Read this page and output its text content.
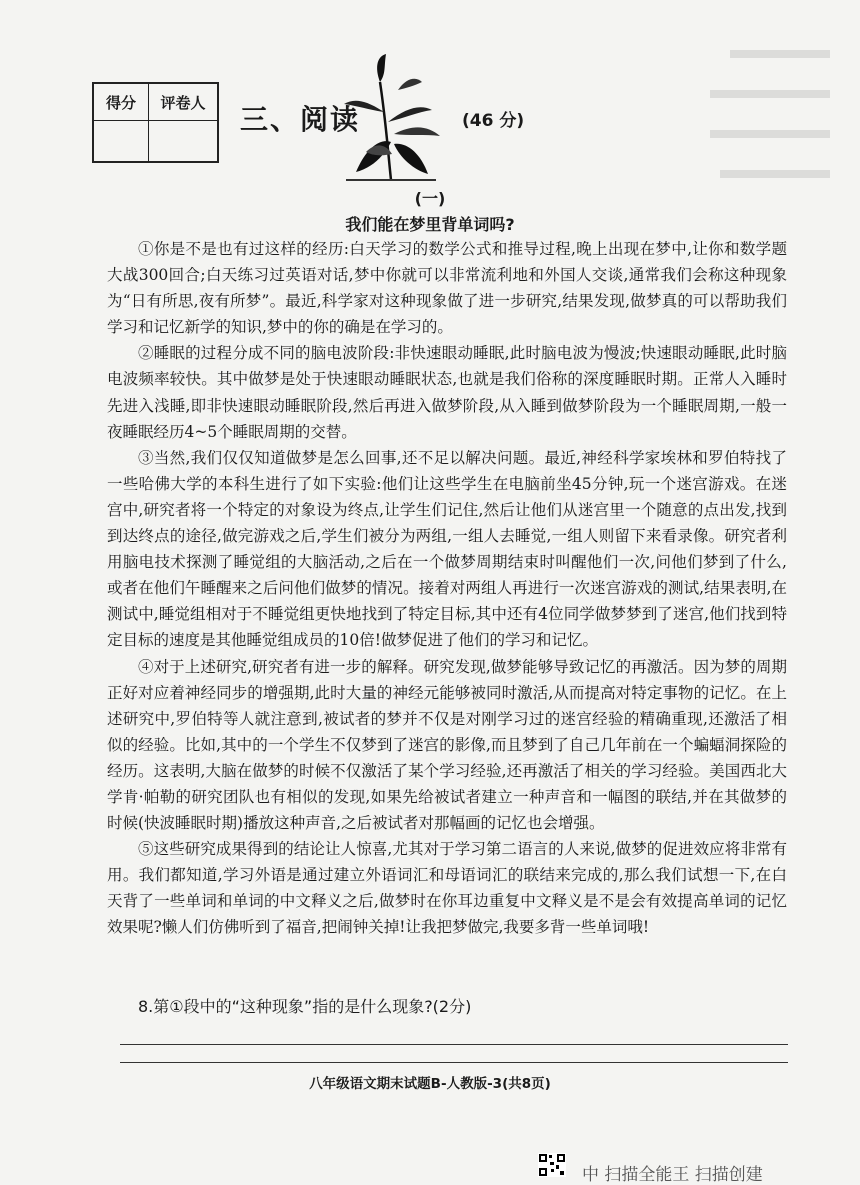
得分	评卷人

三、阅读	(46 分)
(一)
我们能在梦里背单词吗?

①你是不是也有过这样的经历:白天学习的数学公式和推导过程,晚上出现在梦中,让你和数学题大战300回合;白天练习过英语对话,梦中你就可以非常流利地和外国人交谈,通常我们会称这种现象为“日有所思,夜有所梦”。最近,科学家对这种现象做了进一步研究,结果发现,做梦真的可以帮助我们学习和记忆新学的知识,梦中的你的确是在学习的。

②睡眠的过程分成不同的脑电波阶段:非快速眼动睡眠,此时脑电波为慢波;快速眼动睡眠,此时脑电波频率较快。其中做梦是处于快速眼动睡眠状态,也就是我们俗称的深度睡眠时期。正常人入睡时先进入浅睡,即非快速眼动睡眠阶段,然后再进入做梦阶段,从入睡到做梦阶段为一个睡眠周期,一般一夜睡眠经历4~5个睡眠周期的交替。

③当然,我们仅仅知道做梦是怎么回事,还不足以解决问题。最近,神经科学家埃林和罗伯特找了一些哈佛大学的本科生进行了如下实验:他们让这些学生在电脑前坐45分钟,玩一个迷宫游戏。在迷宫中,研究者将一个特定的对象设为终点,让学生们记住,然后让他们从迷宫里一个随意的点出发,找到到达终点的途径,做完游戏之后,学生们被分为两组,一组人去睡觉,一组人则留下来看录像。研究者利用脑电技术探测了睡觉组的大脑活动,之后在一个做梦周期结束时叫醒他们一次,问他们梦到了什么,或者在他们午睡醒来之后问他们做梦的情况。接着对两组人再进行一次迷宫游戏的测试,结果表明,在测试中,睡觉组相对于不睡觉组更快地找到了特定目标,其中还有4位同学做梦梦到了迷宫,他们找到特定目标的速度是其他睡觉组成员的10倍!做梦促进了他们的学习和记忆。

④对于上述研究,研究者有进一步的解释。研究发现,做梦能够导致记忆的再激活。因为梦的周期正好对应着神经同步的增强期,此时大量的神经元能够被同时激活,从而提高对特定事物的记忆。在上述研究中,罗伯特等人就注意到,被试者的梦并不仅是对刚学习过的迷宫经验的精确重现,还激活了相似的经验。比如,其中的一个学生不仅梦到了迷宫的影像,而且梦到了自己几年前在一个蝙蝠洞探险的经历。这表明,大脑在做梦的时候不仅激活了某个学习经验,还再激活了相关的学习经验。美国西北大学肯·帕勒的研究团队也有相似的发现,如果先给被试者建立一种声音和一幅图的联结,并在其做梦的时候(快波睡眠时期)播放这种声音,之后被试者对那幅画的记忆也会增强。

⑤这些研究成果得到的结论让人惊喜,尤其对于学习第二语言的人来说,做梦的促进效应将非常有用。我们都知道,学习外语是通过建立外语词汇和母语词汇的联结来完成的,那么我们试想一下,在白天背了一些单词和单词的中文释义之后,做梦时在你耳边重复中文释义是不是会有效提高单词的记忆效果呢?懒人们仿佛听到了福音,把闹钟关掉!让我把梦做完,我要多背一些单词哦!

8.第①段中的“这种现象”指的是什么现象?(2分)
八年级语文期末试题B-人教版-3(共8页)
中 扫描全能王 扫描创建
